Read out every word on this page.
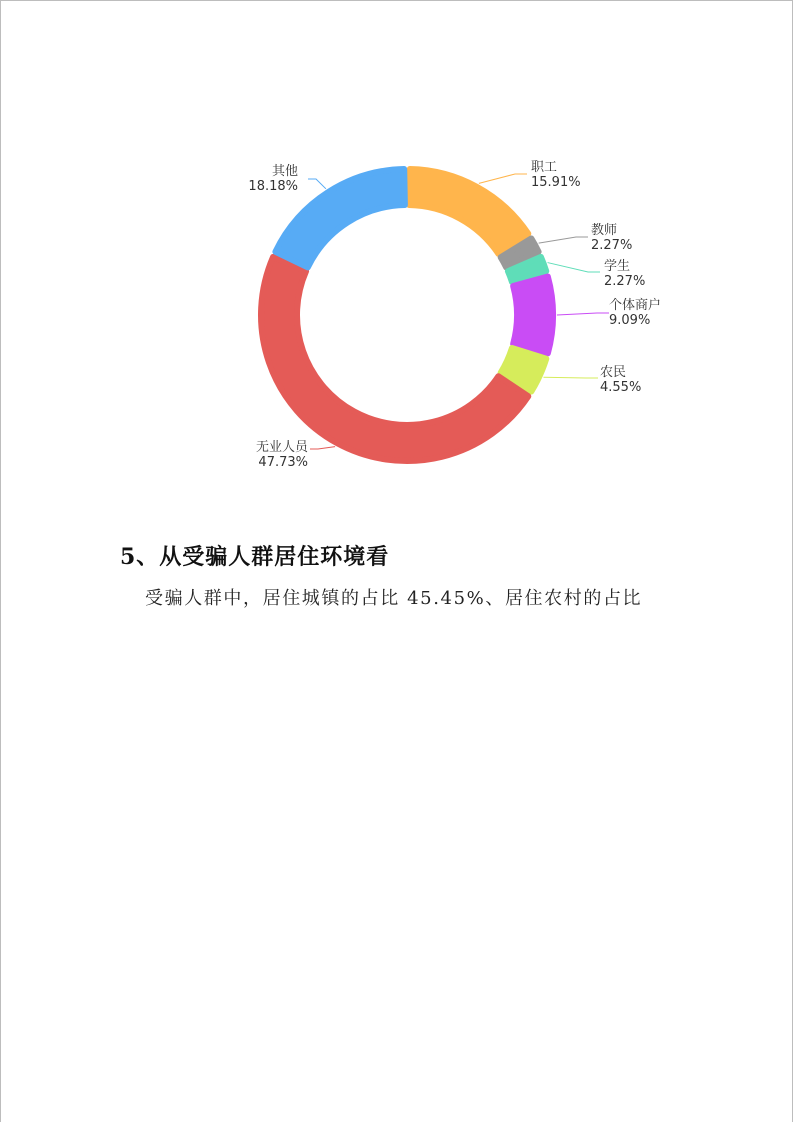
职工
15.91%
教师
2.27%
学生
2.27%
个体商户
9.09%
农民
4.55%
无业人员
47.73%
其他
18.18%
5、从受骗人群居住环境看
受骗人群中，居住城镇的占比 45.45%、居住农村的占比
